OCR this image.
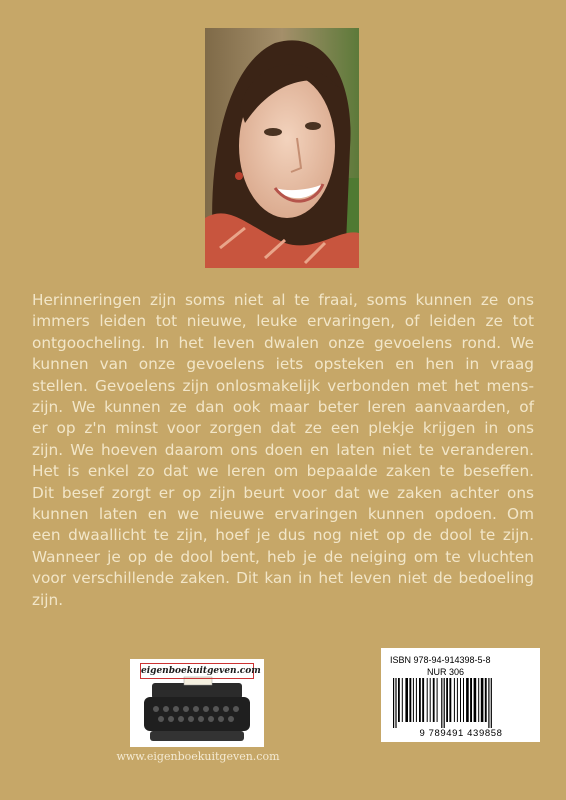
Herinneringen zijn soms niet al te fraai, soms kunnen ze ons
immers leiden tot nieuwe, leuke ervaringen, of leiden ze tot
ontgoocheling. In het leven dwalen onze gevoelens rond. We
kunnen van onze gevoelens iets opsteken en hen in vraag
stellen. Gevoelens zijn onlosmakelijk verbonden met het mens-
zijn. We kunnen ze dan ook maar beter leren aanvaarden, of
er op z'n minst voor zorgen dat ze een plekje krijgen in ons
zijn. We hoeven daarom ons doen en laten niet te veranderen.
Het is enkel zo dat we leren om bepaalde zaken te beseffen.
Dit besef zorgt er op zijn beurt voor dat we zaken achter ons
kunnen laten en we nieuwe ervaringen kunnen opdoen. Om
een dwaallicht te zijn, hoef je dus nog niet op de dool te zijn.
Wanneer je op de dool bent, heb je de neiging om te vluchten
voor verschillende zaken. Dit kan in het leven niet de bedoeling
zijn.
eigenboekuitgeven.com
www.eigenboekuitgeven.com
ISBN 978-94-914398-5-8
NUR 306
9 789491 439858
